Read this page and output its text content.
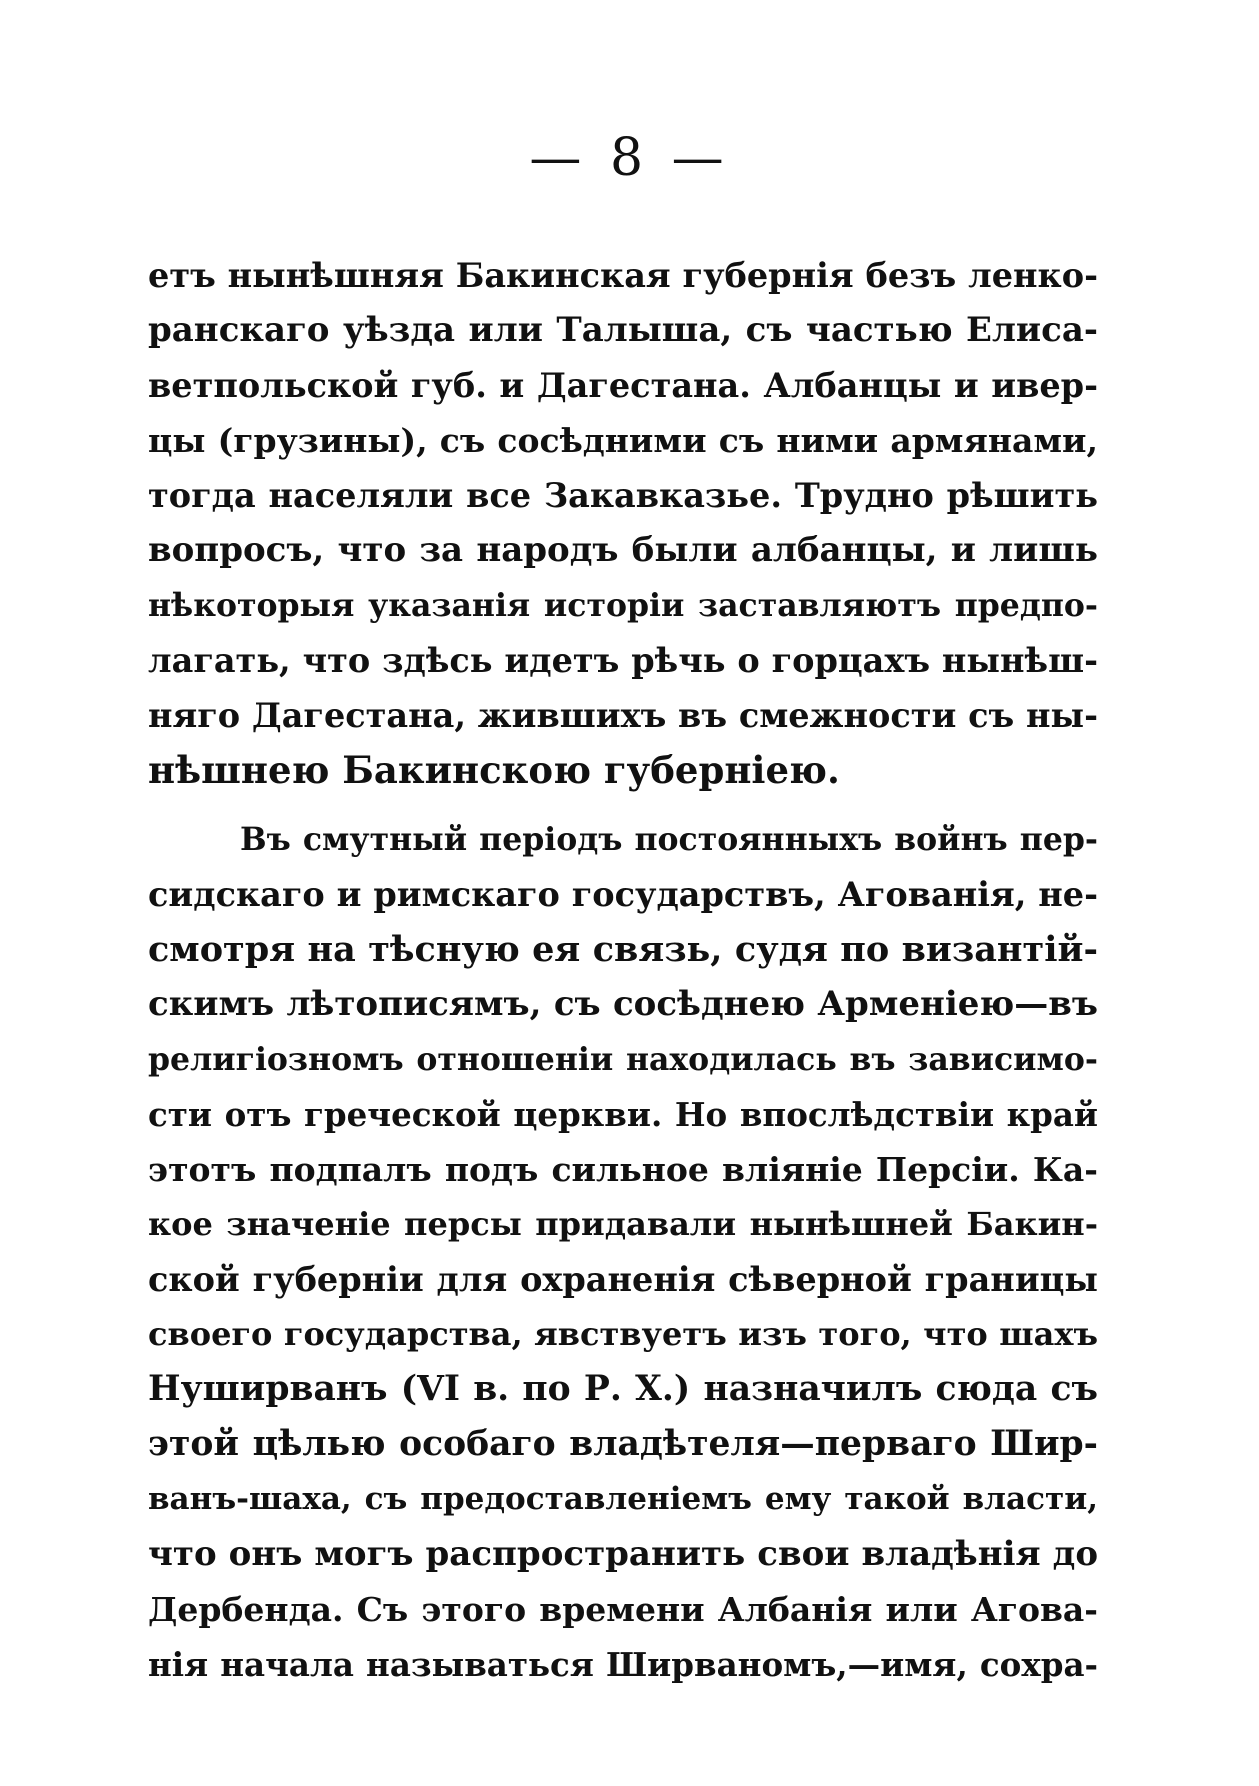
— 8 —
етъ нынѣшняя Бакинская губернія безъ ленко-
ранскаго уѣзда или Талыша, съ частью Елиса-
ветпольской губ. и Дагестана. Албанцы и ивер-
цы (грузины), съ сосѣдними съ ними армянами,
тогда населяли все Закавказье. Трудно рѣшить
вопросъ, что за народъ были албанцы, и лишь
нѣкоторыя указанія исторіи заставляютъ предпо-
лагать, что здѣсь идетъ рѣчь о горцахъ нынѣш-
няго Дагестана, жившихъ въ смежности съ ны-
нѣшнею Бакинскою губерніею.
Въ смутный періодъ постоянныхъ войнъ пер-
сидскаго и римскаго государствъ, Агованія, не-
смотря на тѣсную ея связь, судя по византій-
скимъ лѣтописямъ, съ сосѣднею Арменіею—въ
религіозномъ отношеніи находилась въ зависимо-
сти отъ греческой церкви. Но впослѣдствіи край
этотъ подпалъ подъ сильное вліяніе Персіи. Ка-
кое значеніе персы придавали нынѣшней Бакин-
ской губерніи для охраненія сѣверной границы
своего государства, явствуетъ изъ того, что шахъ
Нуширванъ (VI в. по Р. Х.) назначилъ сюда съ
этой цѣлью особаго владѣтеля—перваго Шир-
ванъ-шаха, съ предоставленіемъ ему такой власти,
что онъ могъ распространить свои владѣнія до
Дербенда. Съ этого времени Албанія или Агова-
нія начала называться Ширваномъ,—имя, сохра-
